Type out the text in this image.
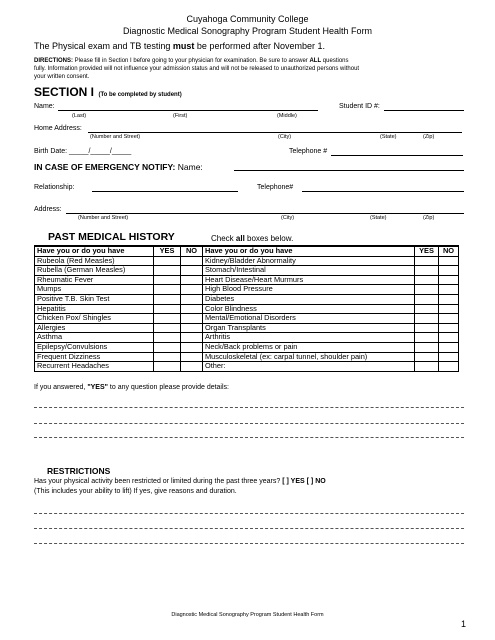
Cuyahoga Community College
Diagnostic Medical Sonography Program Student Health Form
The Physical exam and TB testing must be performed after November 1.
DIRECTIONS: Please fill in Section I before going to your physician for examination. Be sure to answer ALL questions
fully. Information provided will not influence your admission status and will not be released to unauthorized persons without
your written consent.
SECTION I (To be completed by student)
Name:	Student ID #:
(Last)	(First)	(Middle)
Home Address:
(Number and Street)	(City)	(State)	(Zip)
Birth Date: _____/_____/_____	Telephone #
IN CASE OF EMERGENCY NOTIFY: Name:
Relationship:	Telephone#
Address:
(Number and Street)	(City)	(State)	(Zip)
PAST MEDICAL HISTORY	Check all boxes below.
Have you or do you have	YES	NO	Have you or do you have	YES	NO
Rubeola (Red Measles)			Kidney/Bladder Abnormality		
Rubella (German Measles)			Stomach/Intestinal		
Rheumatic Fever			Heart Disease/Heart Murmurs		
Mumps			High Blood Pressure		
Positive T.B. Skin Test			Diabetes		
Hepatitis			Color Blindness		
Chicken Pox/ Shingles			Mental/Emotional Disorders		
Allergies			Organ Transplants		
Asthma			Arthritis		
Epilepsy/Convulsions			Neck/Back problems or pain		
Frequent Dizziness			Musculoskeletal (ex: carpal tunnel, shoulder pain)		
Recurrent Headaches			Other:		
If you answered, "YES" to any question please provide details:
RESTRICTIONS
Has your physical activity been restricted or limited during the past three years? [ ] YES [ ] NO
(This includes your ability to lift) If yes, give reasons and duration.
Diagnostic Medical Sonography Program Student Health Form
1
